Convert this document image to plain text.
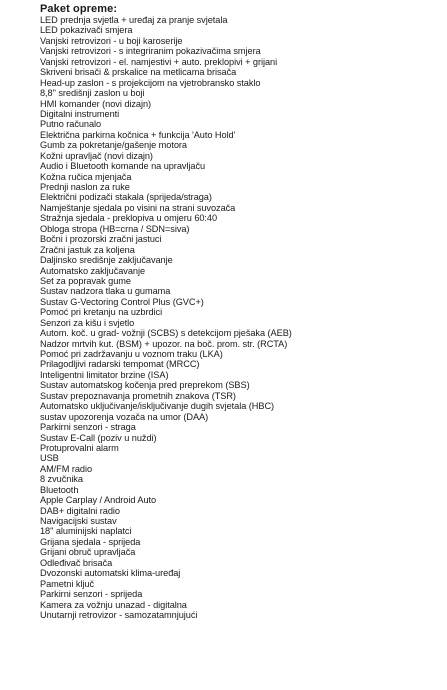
Paket opreme:
LED prednja svjetla + uređaj za pranje svjetala
LED pokazivači smjera
Vanjski retrovizori - u boji karoserije
Vanjski retrovizori - s integriranim pokazivačima smjera
Vanjski retrovizori - el. namjestivi + auto. preklopivi + grijani
Skriveni brisači & prskalice na metlicama brisača
Head-up zaslon - s projekcijom na vjetrobransko staklo
8,8" središnji zaslon u boji
HMI komander (novi dizajn)
Digitalni instrumenti
Putno računalo
Električna parkirna kočnica + funkcija 'Auto Hold'
Gumb za pokretanje/gašenje motora
Kožni upravljač (novi dizajn)
Audio i Bluetooth komande na upravljaču
Kožna ručica mjenjača
Prednji naslon za ruke
Električni podizači stakala (sprijeda/straga)
Namještanje sjedala po visini na strani suvozača
Stražnja sjedala - preklopiva u omjeru 60:40
Obloga stropa (HB=crna / SDN=siva)
Bočni i prozorski zračni jastuci
Zračni jastuk za koljena
Daljinsko središnje zaključavanje
Automatsko zaključavanje
Set za popravak gume
Sustav nadzora tlaka u gumama
Sustav G-Vectoring Control Plus (GVC+)
Pomoć pri kretanju na uzbrdici
Senzori za kišu i svjetlo
Autom. koč. u grad- vožnji (SCBS) s detekcijom pješaka (AEB)
Nadzor mrtvih kut. (BSM) + upozor. na boč. prom. str. (RCTA)
Pomoć pri zadržavanju u voznom traku (LKA)
Prilagodljivi radarski tempomat (MRCC)
Inteligentni limitator brzine (ISA)
Sustav automatskog kočenja pred preprekom (SBS)
Sustav prepoznavanja prometnih znakova (TSR)
Automatsko uključivanje/isključivanje dugih svjetala (HBC)
sustav upozorenja vozača na umor (DAA)
Parkirni senzori - straga
Sustav E-Call (poziv u nuždi)
Protuprovalni alarm
USB
AM/FM radio
8 zvučnika
Bluetooth
Apple Carplay / Android Auto
DAB+ digitalni radio
Navigacijski sustav
18" aluminijski naplatci
Grijana sjedala - sprijeda
Grijani obruč upravljača
Odleđivač brisača
Dvozonski automatski klima-uređaj
Pametni ključ
Parkirni senzori - sprijeda
Kamera za vožnju unazad - digitalna
Unutarnji retrovizor - samozatamnjujući
